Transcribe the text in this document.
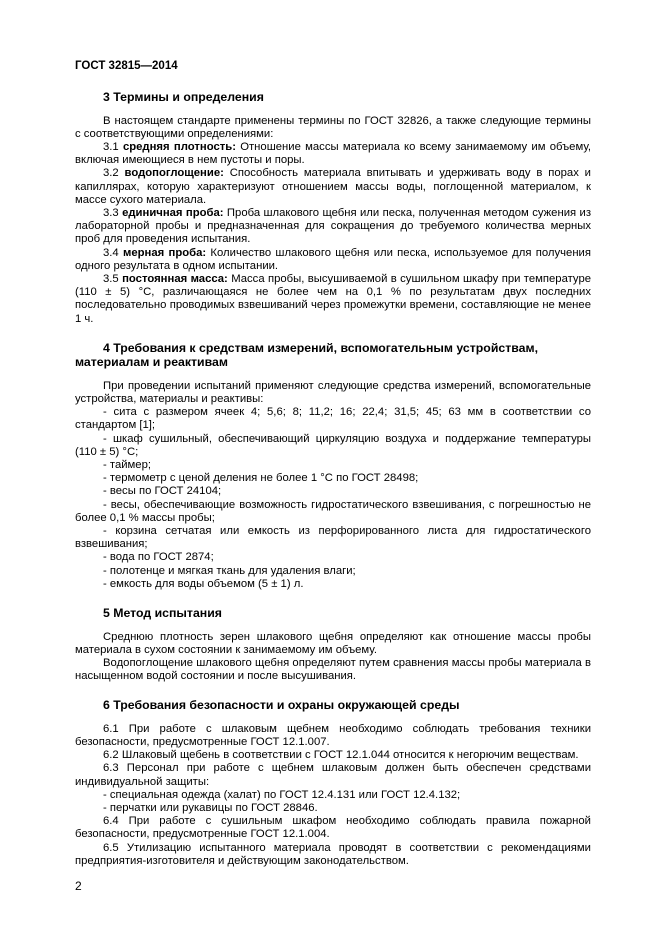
ГОСТ 32815—2014
3 Термины и определения

В настоящем стандарте применены термины по ГОСТ 32826, а также следующие термины с соответствующими определениями:

3.1 средняя плотность: Отношение массы материала ко всему занимаемому им объему, включая имеющиеся в нем пустоты и поры.

3.2 водопоглощение: Способность материала впитывать и удерживать воду в порах и капиллярах, которую характеризуют отношением массы воды, поглощенной материалом, к массе сухого материала.

3.3 единичная проба: Проба шлакового щебня или песка, полученная методом сужения из лабораторной пробы и предназначенная для сокращения до требуемого количества мерных проб для проведения испытания.

3.4 мерная проба: Количество шлакового щебня или песка, используемое для получения одного результата в одном испытании.

3.5 постоянная масса: Масса пробы, высушиваемой в сушильном шкафу при температуре (110 ± 5) °С, различающаяся не более чем на 0,1 % по результатам двух последних последовательно проводимых взвешиваний через промежутки времени, составляющие не менее 1 ч.

4 Требования к средствам измерений, вспомогательным устройствам, материалам и реактивам

При проведении испытаний применяют следующие средства измерений, вспомогательные устройства, материалы и реактивы:

- сита с размером ячеек 4; 5,6; 8; 11,2; 16; 22,4; 31,5; 45; 63 мм в соответствии со стандартом [1];

- шкаф сушильный, обеспечивающий циркуляцию воздуха и поддержание температуры (110 ± 5) °С;

- таймер;

- термометр с ценой деления не более 1 °С по ГОСТ 28498;

- весы по ГОСТ 24104;

- весы, обеспечивающие возможность гидростатического взвешивания, с погрешностью не более 0,1 % массы пробы;

- корзина сетчатая или емкость из перфорированного листа для гидростатического взвешивания;

- вода по ГОСТ 2874;

- полотенце и мягкая ткань для удаления влаги;

- емкость для воды объемом (5 ± 1) л.

5 Метод испытания

Среднюю плотность зерен шлакового щебня определяют как отношение массы пробы материала в сухом состоянии к занимаемому им объему.

Водопоглощение шлакового щебня определяют путем сравнения массы пробы материала в насыщенном водой состоянии и после высушивания.

6 Требования безопасности и охраны окружающей среды

6.1 При работе с шлаковым щебнем необходимо соблюдать требования техники безопасности, предусмотренные ГОСТ 12.1.007.

6.2 Шлаковый щебень в соответствии с ГОСТ 12.1.044 относится к негорючим веществам.

6.3 Персонал при работе с щебнем шлаковым должен быть обеспечен средствами индивидуальной защиты:

- специальная одежда (халат) по ГОСТ 12.4.131 или ГОСТ 12.4.132;

- перчатки или рукавицы по ГОСТ 28846.

6.4 При работе с сушильным шкафом необходимо соблюдать правила пожарной безопасности, предусмотренные ГОСТ 12.1.004.

6.5 Утилизацию испытанного материала проводят в соответствии с рекомендациями предприятия-изготовителя и действующим законодательством.

2
